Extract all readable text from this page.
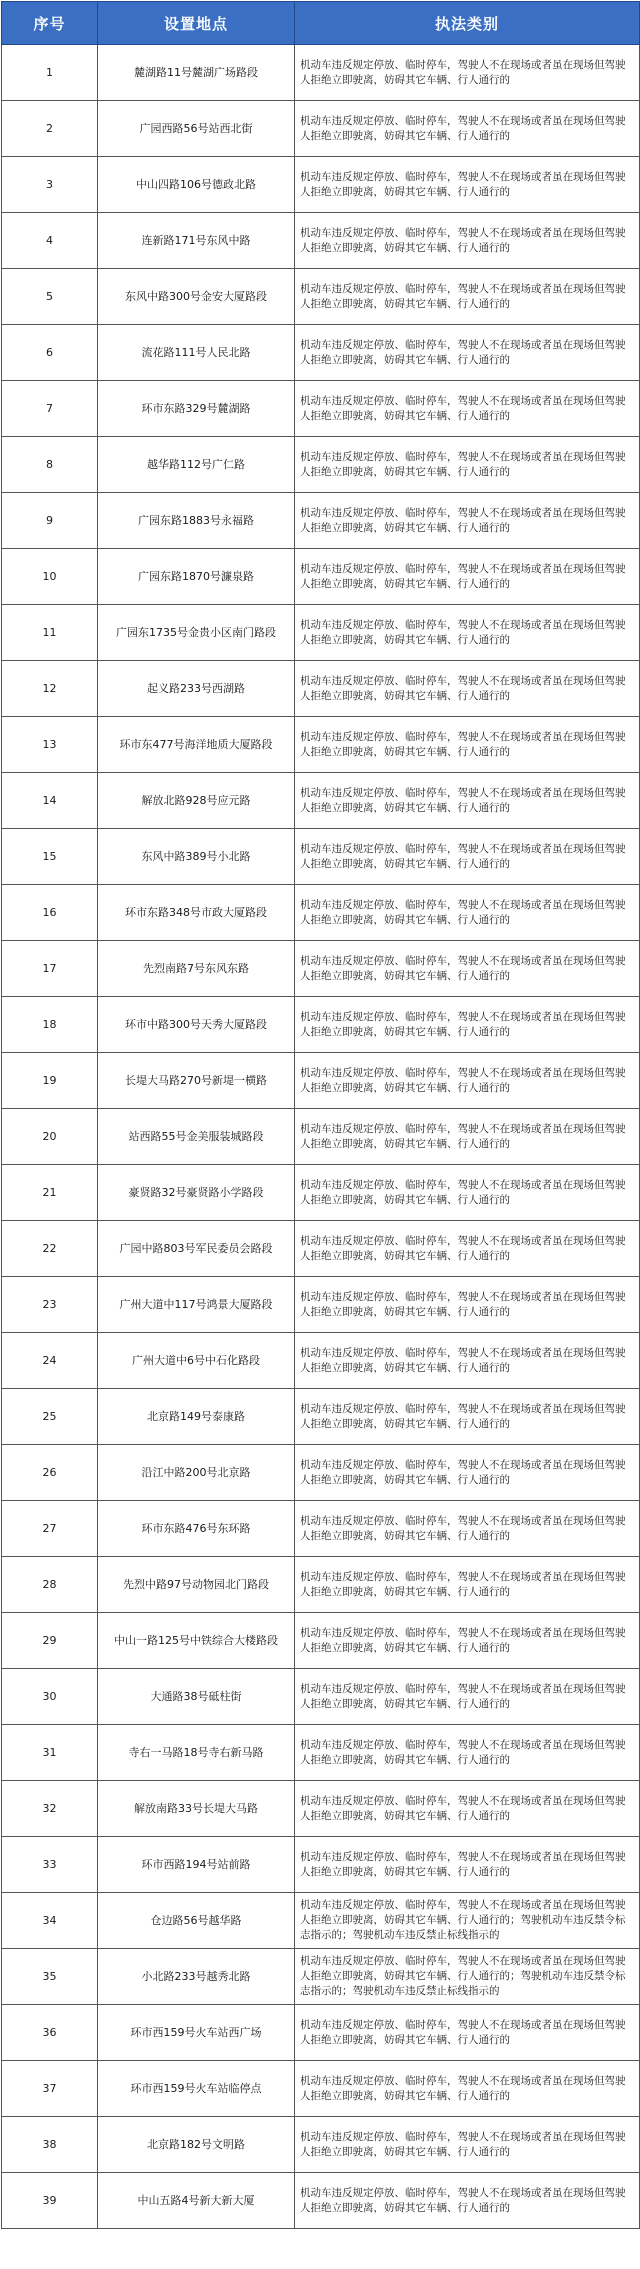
序号	设置地点	执法类别
1	麓湖路11号麓湖广场路段	机动车违反规定停放、临时停车，驾驶人不在现场或者虽在现场但驾驶人拒绝立即驶离，妨碍其它车辆、行人通行的
2	广园西路56号站西北街	机动车违反规定停放、临时停车，驾驶人不在现场或者虽在现场但驾驶人拒绝立即驶离，妨碍其它车辆、行人通行的
3	中山四路106号德政北路	机动车违反规定停放、临时停车，驾驶人不在现场或者虽在现场但驾驶人拒绝立即驶离，妨碍其它车辆、行人通行的
4	连新路171号东风中路	机动车违反规定停放、临时停车，驾驶人不在现场或者虽在现场但驾驶人拒绝立即驶离，妨碍其它车辆、行人通行的
5	东风中路300号金安大厦路段	机动车违反规定停放、临时停车，驾驶人不在现场或者虽在现场但驾驶人拒绝立即驶离，妨碍其它车辆、行人通行的
6	流花路111号人民北路	机动车违反规定停放、临时停车，驾驶人不在现场或者虽在现场但驾驶人拒绝立即驶离，妨碍其它车辆、行人通行的
7	环市东路329号麓湖路	机动车违反规定停放、临时停车，驾驶人不在现场或者虽在现场但驾驶人拒绝立即驶离，妨碍其它车辆、行人通行的
8	越华路112号广仁路	机动车违反规定停放、临时停车，驾驶人不在现场或者虽在现场但驾驶人拒绝立即驶离，妨碍其它车辆、行人通行的
9	广园东路1883号永福路	机动车违反规定停放、临时停车，驾驶人不在现场或者虽在现场但驾驶人拒绝立即驶离，妨碍其它车辆、行人通行的
10	广园东路1870号濂泉路	机动车违反规定停放、临时停车，驾驶人不在现场或者虽在现场但驾驶人拒绝立即驶离，妨碍其它车辆、行人通行的
11	广园东1735号金贵小区南门路段	机动车违反规定停放、临时停车，驾驶人不在现场或者虽在现场但驾驶人拒绝立即驶离，妨碍其它车辆、行人通行的
12	起义路233号西湖路	机动车违反规定停放、临时停车，驾驶人不在现场或者虽在现场但驾驶人拒绝立即驶离，妨碍其它车辆、行人通行的
13	环市东477号海洋地质大厦路段	机动车违反规定停放、临时停车，驾驶人不在现场或者虽在现场但驾驶人拒绝立即驶离，妨碍其它车辆、行人通行的
14	解放北路928号应元路	机动车违反规定停放、临时停车，驾驶人不在现场或者虽在现场但驾驶人拒绝立即驶离，妨碍其它车辆、行人通行的
15	东风中路389号小北路	机动车违反规定停放、临时停车，驾驶人不在现场或者虽在现场但驾驶人拒绝立即驶离，妨碍其它车辆、行人通行的
16	环市东路348号市政大厦路段	机动车违反规定停放、临时停车，驾驶人不在现场或者虽在现场但驾驶人拒绝立即驶离，妨碍其它车辆、行人通行的
17	先烈南路7号东风东路	机动车违反规定停放、临时停车，驾驶人不在现场或者虽在现场但驾驶人拒绝立即驶离，妨碍其它车辆、行人通行的
18	环市中路300号天秀大厦路段	机动车违反规定停放、临时停车，驾驶人不在现场或者虽在现场但驾驶人拒绝立即驶离，妨碍其它车辆、行人通行的
19	长堤大马路270号新堤一横路	机动车违反规定停放、临时停车，驾驶人不在现场或者虽在现场但驾驶人拒绝立即驶离，妨碍其它车辆、行人通行的
20	站西路55号金美服装城路段	机动车违反规定停放、临时停车，驾驶人不在现场或者虽在现场但驾驶人拒绝立即驶离，妨碍其它车辆、行人通行的
21	豪贤路32号豪贤路小学路段	机动车违反规定停放、临时停车，驾驶人不在现场或者虽在现场但驾驶人拒绝立即驶离，妨碍其它车辆、行人通行的
22	广园中路803号军民委员会路段	机动车违反规定停放、临时停车，驾驶人不在现场或者虽在现场但驾驶人拒绝立即驶离，妨碍其它车辆、行人通行的
23	广州大道中117号鸿景大厦路段	机动车违反规定停放、临时停车，驾驶人不在现场或者虽在现场但驾驶人拒绝立即驶离，妨碍其它车辆、行人通行的
24	广州大道中6号中石化路段	机动车违反规定停放、临时停车，驾驶人不在现场或者虽在现场但驾驶人拒绝立即驶离，妨碍其它车辆、行人通行的
25	北京路149号泰康路	机动车违反规定停放、临时停车，驾驶人不在现场或者虽在现场但驾驶人拒绝立即驶离，妨碍其它车辆、行人通行的
26	沿江中路200号北京路	机动车违反规定停放、临时停车，驾驶人不在现场或者虽在现场但驾驶人拒绝立即驶离，妨碍其它车辆、行人通行的
27	环市东路476号东环路	机动车违反规定停放、临时停车，驾驶人不在现场或者虽在现场但驾驶人拒绝立即驶离，妨碍其它车辆、行人通行的
28	先烈中路97号动物园北门路段	机动车违反规定停放、临时停车，驾驶人不在现场或者虽在现场但驾驶人拒绝立即驶离，妨碍其它车辆、行人通行的
29	中山一路125号中铁综合大楼路段	机动车违反规定停放、临时停车，驾驶人不在现场或者虽在现场但驾驶人拒绝立即驶离，妨碍其它车辆、行人通行的
30	大通路38号砥柱街	机动车违反规定停放、临时停车，驾驶人不在现场或者虽在现场但驾驶人拒绝立即驶离，妨碍其它车辆、行人通行的
31	寺右一马路18号寺右新马路	机动车违反规定停放、临时停车，驾驶人不在现场或者虽在现场但驾驶人拒绝立即驶离，妨碍其它车辆、行人通行的
32	解放南路33号长堤大马路	机动车违反规定停放、临时停车，驾驶人不在现场或者虽在现场但驾驶人拒绝立即驶离，妨碍其它车辆、行人通行的
33	环市西路194号站前路	机动车违反规定停放、临时停车，驾驶人不在现场或者虽在现场但驾驶人拒绝立即驶离，妨碍其它车辆、行人通行的
34	仓边路56号越华路	机动车违反规定停放、临时停车，驾驶人不在现场或者虽在现场但驾驶人拒绝立即驶离，妨碍其它车辆、行人通行的；驾驶机动车违反禁令标志指示的；驾驶机动车违反禁止标线指示的
35	小北路233号越秀北路	机动车违反规定停放、临时停车，驾驶人不在现场或者虽在现场但驾驶人拒绝立即驶离，妨碍其它车辆、行人通行的；驾驶机动车违反禁令标志指示的；驾驶机动车违反禁止标线指示的
36	环市西159号火车站西广场	机动车违反规定停放、临时停车，驾驶人不在现场或者虽在现场但驾驶人拒绝立即驶离，妨碍其它车辆、行人通行的
37	环市西159号火车站临停点	机动车违反规定停放、临时停车，驾驶人不在现场或者虽在现场但驾驶人拒绝立即驶离，妨碍其它车辆、行人通行的
38	北京路182号文明路	机动车违反规定停放、临时停车，驾驶人不在现场或者虽在现场但驾驶人拒绝立即驶离，妨碍其它车辆、行人通行的
39	中山五路4号新大新大厦	机动车违反规定停放、临时停车，驾驶人不在现场或者虽在现场但驾驶人拒绝立即驶离，妨碍其它车辆、行人通行的
